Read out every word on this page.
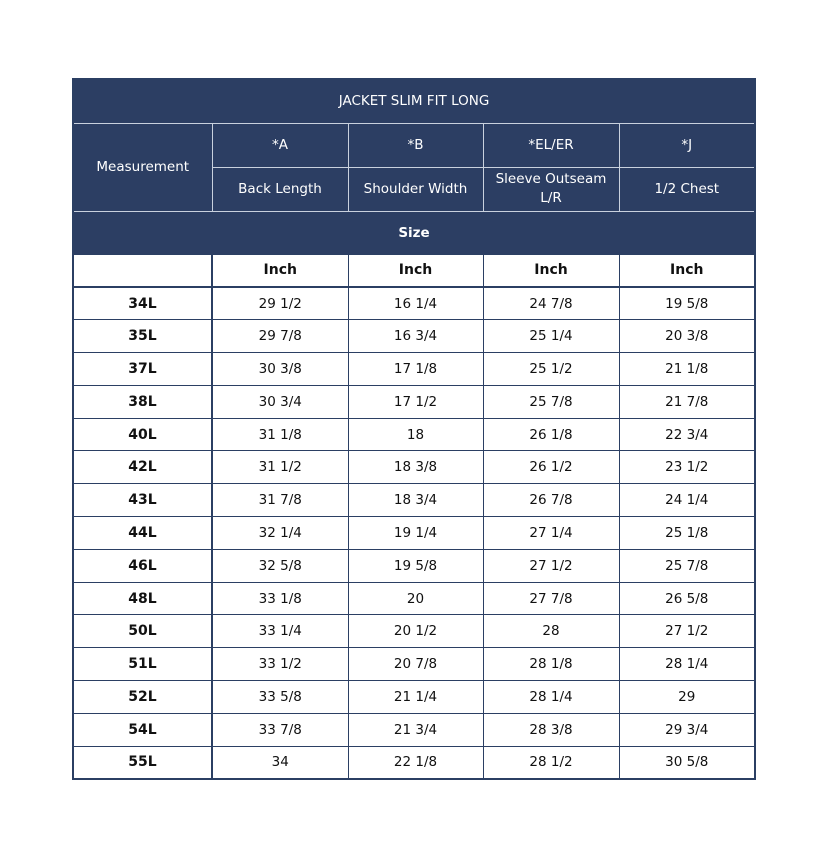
JACKET SLIM FIT LONG				
Measurement	*A	*B	*EL/ER	*J
	Back Length	Shoulder Width	Sleeve Outseam L/R	1/2 Chest
Size				
	Inch	Inch	Inch	Inch
34L	29 1/2	16 1/4	24 7/8	19 5/8
35L	29 7/8	16 3/4	25 1/4	20 3/8
37L	30 3/8	17 1/8	25 1/2	21 1/8
38L	30 3/4	17 1/2	25 7/8	21 7/8
40L	31 1/8	18	26 1/8	22 3/4
42L	31 1/2	18 3/8	26 1/2	23 1/2
43L	31 7/8	18 3/4	26 7/8	24 1/4
44L	32 1/4	19 1/4	27 1/4	25 1/8
46L	32 5/8	19 5/8	27 1/2	25 7/8
48L	33 1/8	20	27 7/8	26 5/8
50L	33 1/4	20 1/2	28	27 1/2
51L	33 1/2	20 7/8	28 1/8	28 1/4
52L	33 5/8	21 1/4	28 1/4	29
54L	33 7/8	21 3/4	28 3/8	29 3/4
55L	34	22 1/8	28 1/2	30 5/8
